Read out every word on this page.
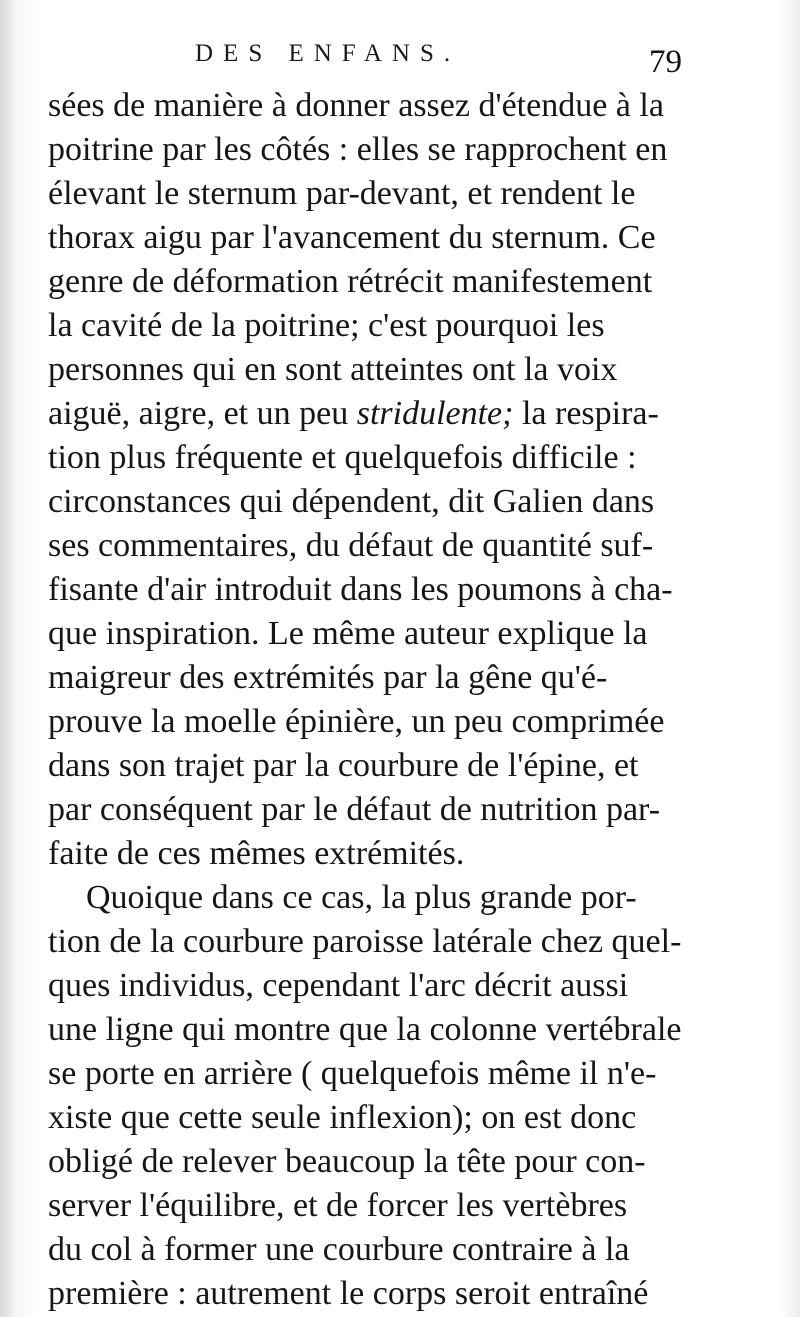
DES ENFANS.	79
sées de manière à donner assez d'étendue à la
poitrine par les côtés : elles se rapprochent en
élevant le sternum par-devant, et rendent le
thorax aigu par l'avancement du sternum. Ce
genre de déformation rétrécit manifestement
la cavité de la poitrine; c'est pourquoi les
personnes qui en sont atteintes ont la voix
aiguë, aigre, et un peu stridulente; la respira-
tion plus fréquente et quelquefois difficile :
circonstances qui dépendent, dit Galien dans
ses commentaires, du défaut de quantité suf-
fisante d'air introduit dans les poumons à cha-
que inspiration. Le même auteur explique la
maigreur des extrémités par la gêne qu'é-
prouve la moelle épinière, un peu comprimée
dans son trajet par la courbure de l'épine, et
par conséquent par le défaut de nutrition par-
faite de ces mêmes extrémités.
Quoique dans ce cas, la plus grande por-
tion de la courbure paroisse latérale chez quel-
ques individus, cependant l'arc décrit aussi
une ligne qui montre que la colonne vertébrale
se porte en arrière ( quelquefois même il n'e-
xiste que cette seule inflexion); on est donc
obligé de relever beaucoup la tête pour con-
server l'équilibre, et de forcer les vertèbres
du col à former une courbure contraire à la
première : autrement le corps seroit entraîné
